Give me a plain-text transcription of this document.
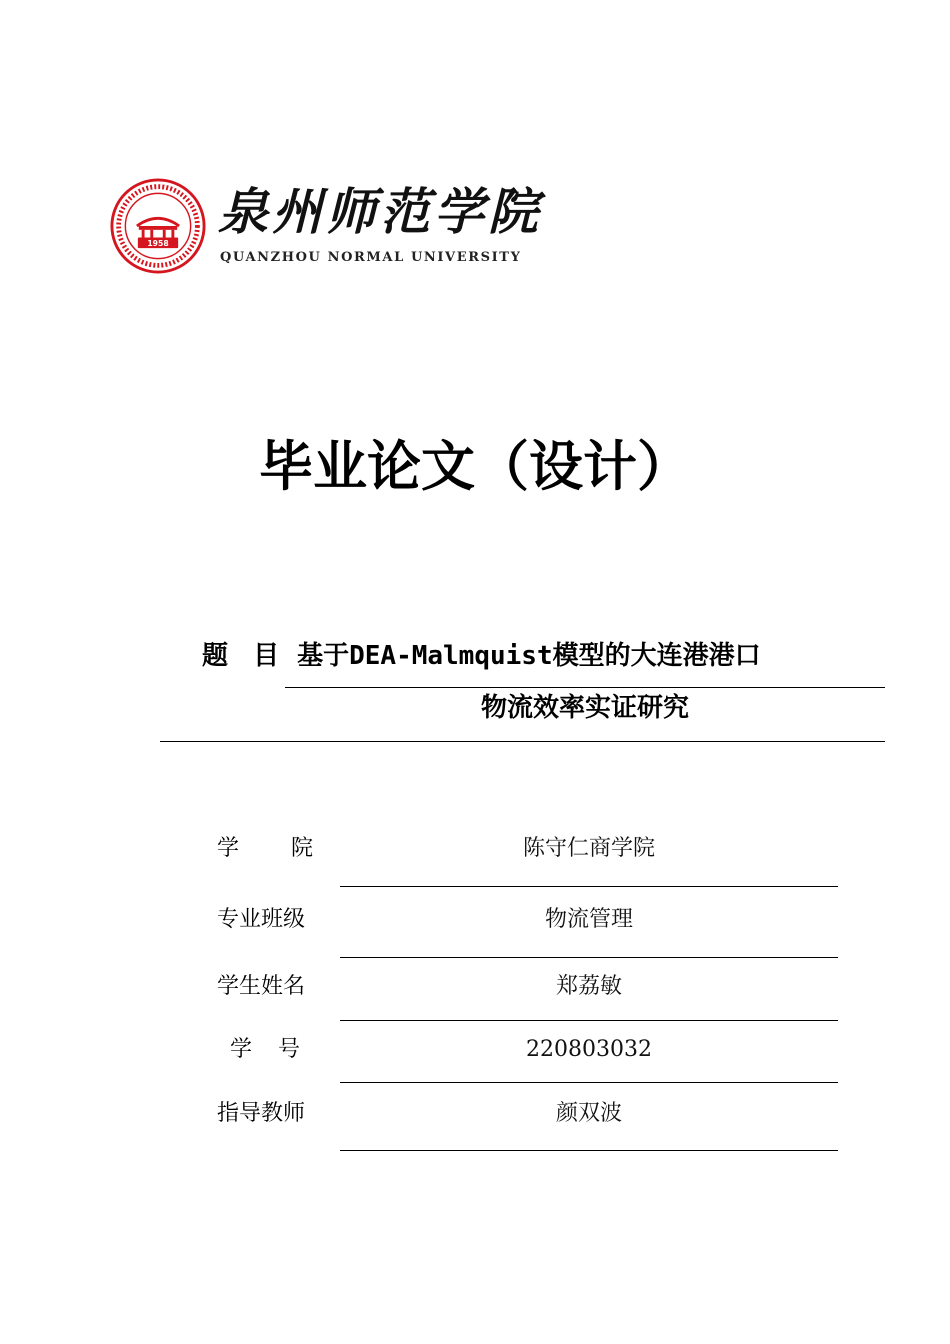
1958
泉州师范学院
QUANZHOU NORMAL UNIVERSITY
毕业论文（设计）
题 目 基于DEA-Malmquist模型的大连港港口
物流效率实证研究
学 院	陈守仁商学院
专业班级	物流管理
学生姓名	郑荔敏
学 号	220803032
指导教师	颜双波
